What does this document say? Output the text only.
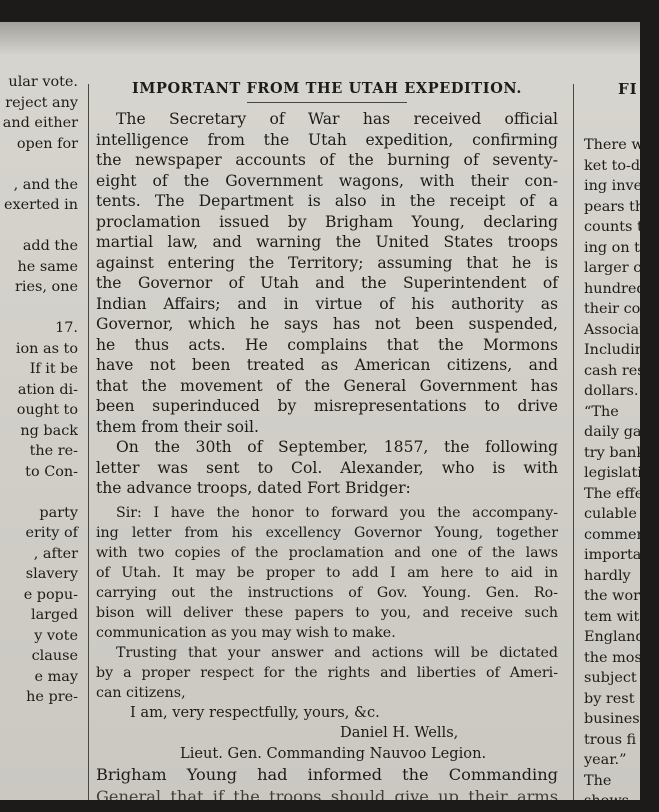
FI
ular vote.
reject any
and either
open for
, and the
exerted in
add the
he same
ries, one
17.
ion as to
If it be
ation di-
ought to
ng back
the re-
to Con-
party
erity of
, after
slavery
e popu-
larged
y vote
clause
e may
he pre-
IMPORTANT FROM THE UTAH EXPEDITION.
The Secretary of War has received official
intelligence from the Utah expedition, confirming
the newspaper accounts of the burning of seventy-
eight of the Government wagons, with their con-
tents. The Department is also in the receipt of a
proclamation issued by Brigham Young, declaring
martial law, and warning the United States troops
against entering the Territory; assuming that he is
the Governor of Utah and the Superintendent of
Indian Affairs; and in virtue of his authority as
Governor, which he says has not been suspended,
he thus acts. He complains that the Mormons
have not been treated as American citizens, and
that the movement of the General Government has
been superinduced by misrepresentations to drive
them from their soil.
On the 30th of September, 1857, the following
letter was sent to Col. Alexander, who is with
the advance troops, dated Fort Bridger:
Sir: I have the honor to forward you the accompany-
ing letter from his excellency Governor Young, together
with two copies of the proclamation and one of the laws
of Utah. It may be proper to add I am here to aid in
carrying out the instructions of Gov. Young. Gen. Ro-
bison will deliver these papers to you, and receive such
communication as you may wish to make.
Trusting that your answer and actions will be dictated
by a proper respect for the rights and liberties of Ameri-
can citizens,
I am, very respectfully, yours, &c.
Daniel H. Wells,
Lieut. Gen. Commanding Nauvoo Legion.
Brigham Young had informed the Commanding
General that if the troops should give up their arms
There w
ket to-day
ing invest
pears that
counts to
ing on the
larger cap
hundred
their conc
Associatio
Including
cash rese
dollars.
“The
daily gai
try bank
legislatio
The effe
culable
commerc
importa
hardly
the wor
tem wit
England
the mos
subject
by rest
busines
trous fi
year.”
The
shows
